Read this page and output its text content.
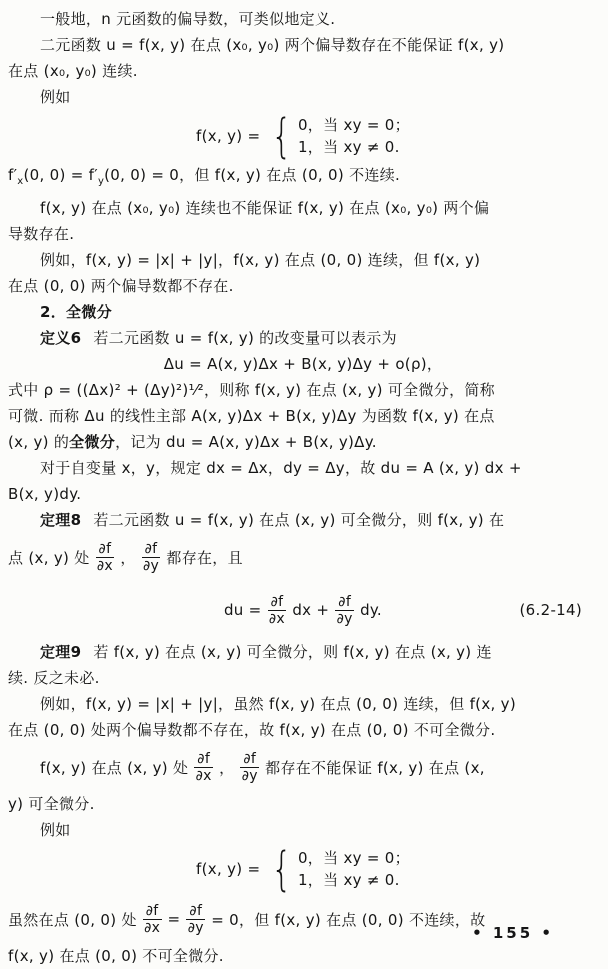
一般地，n 元函数的偏导数，可类似地定义.
二元函数 u = f(x, y) 在点 (x₀, y₀) 两个偏导数存在不能保证 f(x, y)
在点 (x₀, y₀) 连续.
例如
f(x, y) = { 0，当 xy = 0；
1，当 xy ≠ 0.
$f'_x(0$, $0) = f'_y(0$, 0) = 0，但 f(x, y) 在点 (0, 0) 不连续.
f(x, y) 在点 (x₀, y₀) 连续也不能保证 f(x, y) 在点 (x₀, y₀) 两个偏
导数存在.
例如，f(x, y) = |x| + |y|，f(x, y) 在点 (0, 0) 连续，但 f(x, y)
在点 (0, 0) 两个偏导数都不存在.
2．全微分
定义6 若二元函数 u = f(x, y) 的改变量可以表示为
Δu = A(x, y)Δx + B(x, y)Δy + o(ρ)，
式中 ρ = ((Δx)² + (Δy)²)¹⁄²，则称 f(x, y) 在点 (x, y) 可全微分，简称
可微. 而称 Δu 的线性主部 A(x, y)Δx + B(x, y)Δy 为函数 f(x, y) 在点
(x, y) 的全微分，记为 du = A(x, y)Δx + B(x, y)Δy.
对于自变量 x，y，规定 dx = Δx，dy = Δy，故 du = A (x, y) dx +
B(x, y)dy.
定理8 若二元函数 u = f(x, y) 在点 (x, y) 可全微分，则 f(x, y) 在
点 (x, y) 处 $\frac{\partial f}{\partial x}$ ， $\frac{\partial f}{\partial y}$ 都存在，且
du = $\frac{\partial f}{\partial x}$ dx + $\frac{\partial f}{\partial y}$ dy.	(6.2-14)
定理9 若 f(x, y) 在点 (x, y) 可全微分，则 f(x, y) 在点 (x, y) 连
续. 反之未必.
例如，f(x, y) = |x| + |y|，虽然 f(x, y) 在点 (0, 0) 连续，但 f(x, y)
在点 (0, 0) 处两个偏导数都不存在，故 f(x, y) 在点 (0, 0) 不可全微分.
f(x, y) 在点 (x, y) 处 $\frac{\partial f}{\partial x}$ ， $\frac{\partial f}{\partial y}$ 都存在不能保证 f(x, y) 在点 (x,
y) 可全微分.
例如
f(x, y) = { 0，当 xy = 0；
1，当 xy ≠ 0.
虽然在点 (0, 0) 处 $\frac{\partial f}{\partial x} = \frac{\partial f}{\partial y} = 0$，但 f(x, y) 在点 (0, 0) 不连续，故
f(x, y) 在点 (0, 0) 不可全微分.
• 155 •
